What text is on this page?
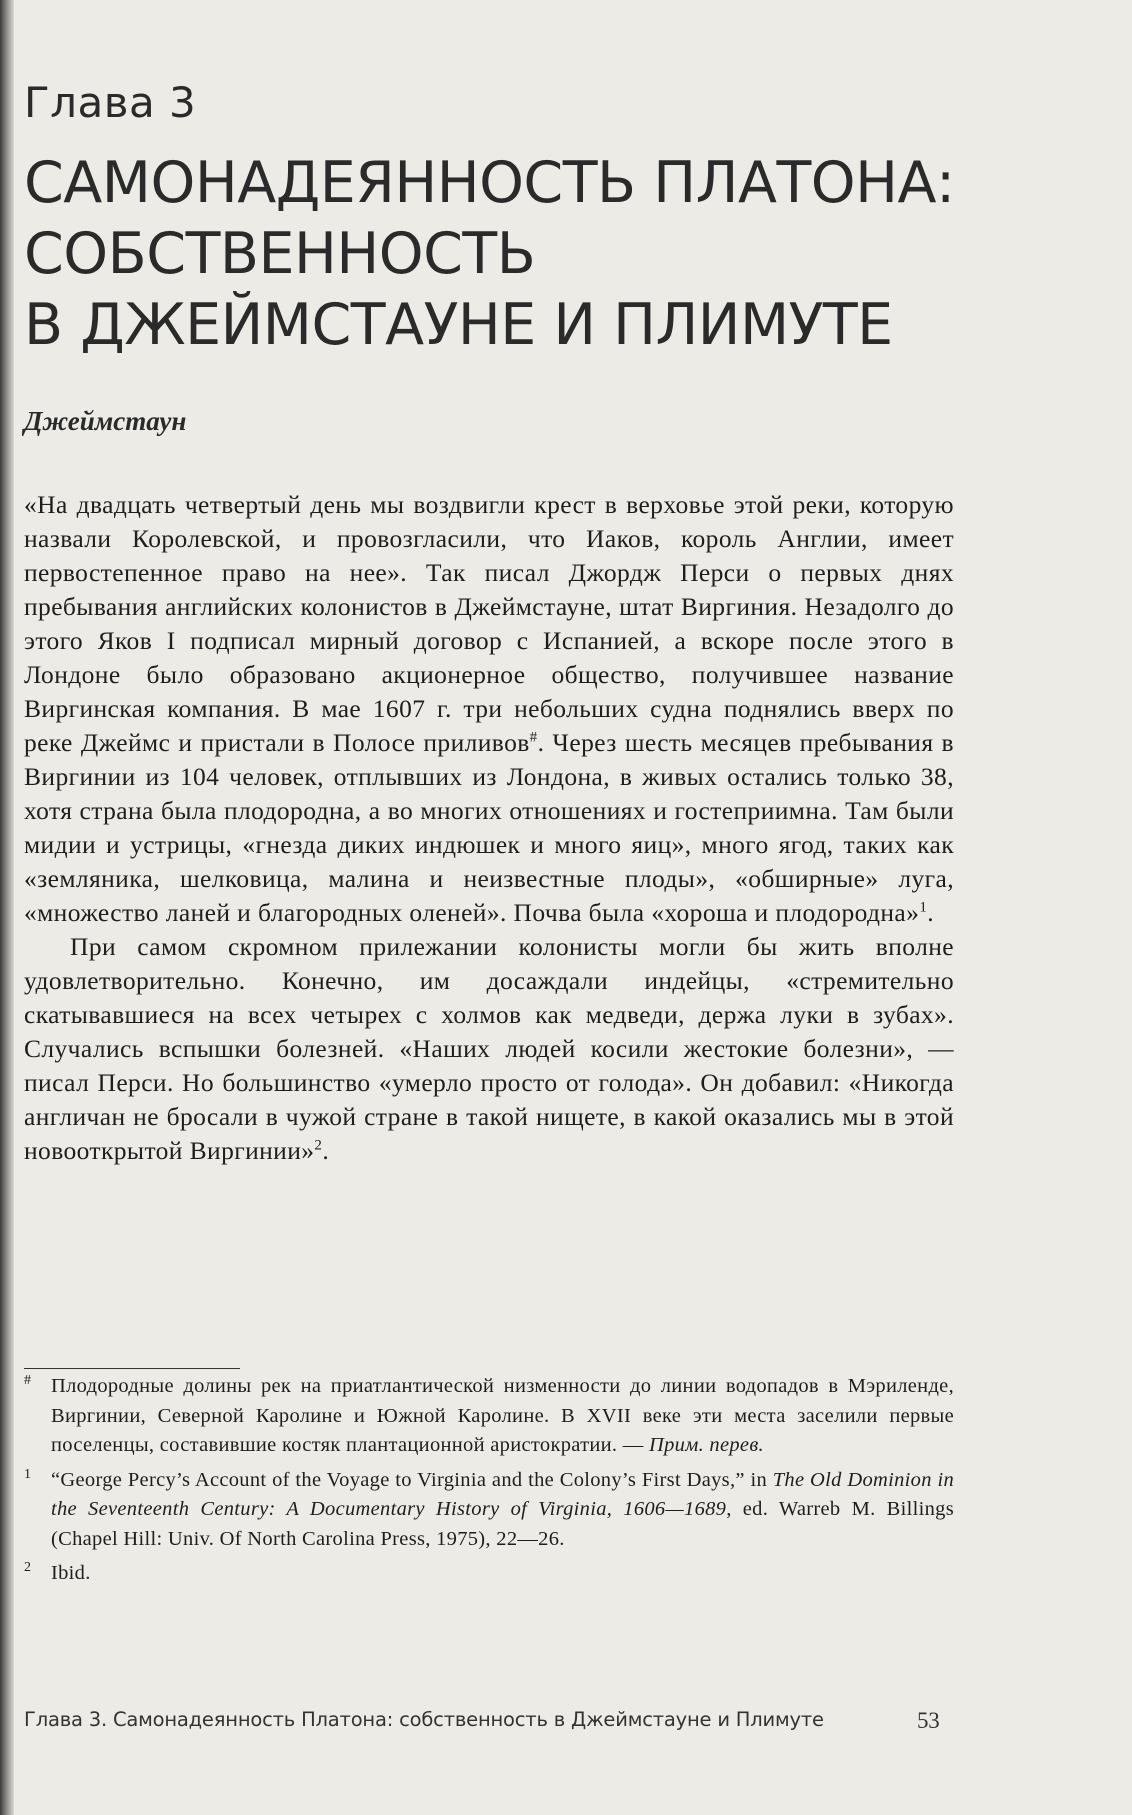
Глава 3
САМОНАДЕЯННОСТЬ ПЛАТОНА:
СОБСТВЕННОСТЬ
В ДЖЕЙМСТАУНЕ И ПЛИМУТЕ
Джеймстаун

«На двадцать четвертый день мы воздвигли крест в верховье этой реки, которую назвали Королевской, и провозгласили, что Иаков, король Англии, имеет первостепенное право на нее». Так писал Джордж Перси о первых днях пребывания английских колонистов в Джеймстауне, штат Виргиния. Незадолго до этого Яков I подписал мирный договор с Испанией, а вскоре после этого в Лондоне было образовано акционерное общество, получившее название Виргинская компания. В мае 1607 г. три небольших судна поднялись вверх по реке Джеймс и пристали в Полосе приливов#. Через шесть месяцев пребывания в Виргинии из 104 человек, отплывших из Лондона, в живых остались только 38, хотя страна была плодородна, а во многих отношениях и гостеприимна. Там были мидии и устрицы, «гнезда диких индюшек и много яиц», много ягод, таких как «земляника, шелковица, малина и неизвестные плоды», «обширные» луга, «множество ланей и благородных оленей». Почва была «хороша и плодородна»$^1$.

При самом скромном прилежании колонисты могли бы жить вполне удовлетворительно. Конечно, им досаждали индейцы, «стремительно скатывавшиеся на всех четырех с холмов как медведи, держа луки в зубах». Случались вспышки болезней. «Наших людей косили жестокие болезни», — писал Перси. Но большинство «умерло просто от голода». Он добавил: «Никогда англичан не бросали в чужой стране в такой нищете, в какой оказались мы в этой новооткрытой Виргинии»$^2$.

# Плодородные долины рек на приатлантической низменности до линии водопадов в Мэриленде, Виргинии, Северной Каролине и Южной Каролине. В XVII веке эти места заселили первые поселенцы, составившие костяк плантационной аристократии. — Прим. перев.

1 “George Percy’s Account of the Voyage to Virginia and the Colony’s First Days,” in The Old Dominion in the Seventeenth Century: A Documentary History of Virginia, 1606—1689, ed. Warreb M. Billings (Chapel Hill: Univ. Of North Carolina Press, 1975), 22—26.

2 Ibid.

Глава 3. Самонадеянность Платона: собственность в Джеймстауне и Плимуте	53
